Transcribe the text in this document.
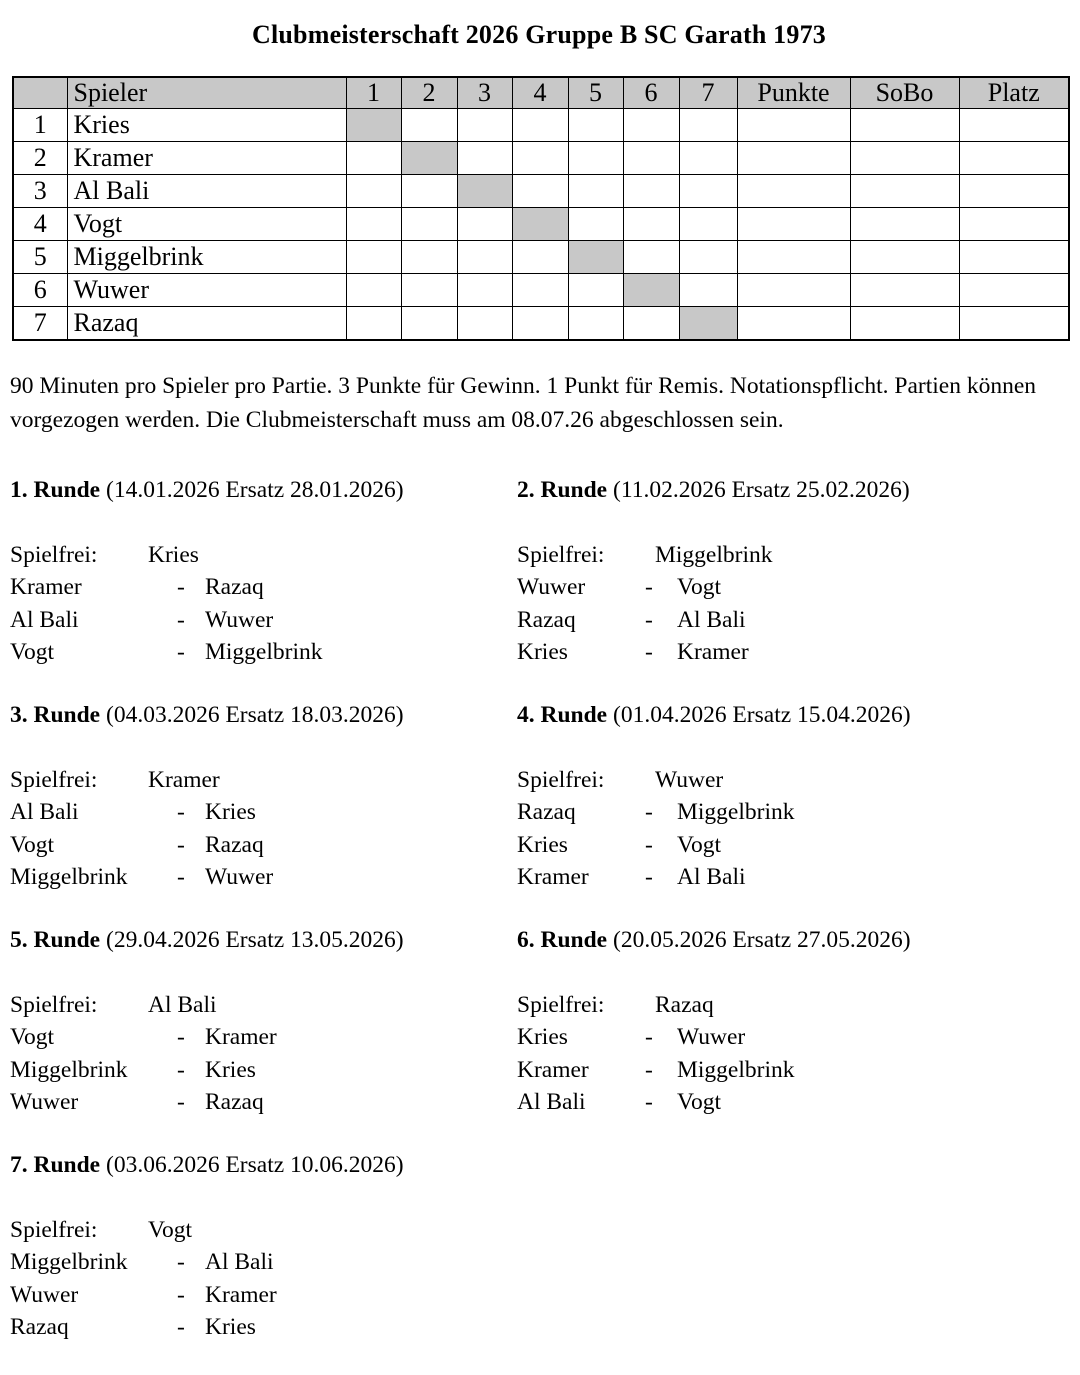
Clubmeisterschaft 2026 Gruppe B SC Garath 1973
	Spieler	1	2	3	4	5	6	7	Punkte	SoBo	Platz
1	Kries										
2	Kramer										
3	Al Bali										
4	Vogt										
5	Miggelbrink										
6	Wuwer										
7	Razaq										

90 Minuten pro Spieler pro Partie. 3 Punkte für Gewinn. 1 Punkt für Remis. Notationspflicht. Partien können vorgezogen werden. Die Clubmeisterschaft muss am 08.07.26 abgeschlossen sein.

1. Runde (14.01.2026 Ersatz 28.01.2026)
Spielfrei:	Kries
Kramer	- Razaq
Al Bali	- Wuwer
Vogt	- Miggelbrink
2. Runde (11.02.2026 Ersatz 25.02.2026)
Spielfrei:	Miggelbrink
Wuwer	-	Vogt
Razaq	-	Al Bali
Kries	-	Kramer
3. Runde (04.03.2026 Ersatz 18.03.2026)
Spielfrei:	Kramer
Al Bali	- Kries
Vogt	- Razaq
Miggelbrink	- Wuwer
4. Runde (01.04.2026 Ersatz 15.04.2026)
Spielfrei:	Wuwer
Razaq	-	Miggelbrink
Kries	-	Vogt
Kramer	-	Al Bali
5. Runde (29.04.2026 Ersatz 13.05.2026)
Spielfrei:	Al Bali
Vogt	- Kramer
Miggelbrink	- Kries
Wuwer	- Razaq
6. Runde (20.05.2026 Ersatz 27.05.2026)
Spielfrei:	Razaq
Kries	-	Wuwer
Kramer	-	Miggelbrink
Al Bali	-	Vogt
7. Runde (03.06.2026 Ersatz 10.06.2026)
Spielfrei:	Vogt
Miggelbrink	- Al Bali
Wuwer	- Kramer
Razaq	- Kries
